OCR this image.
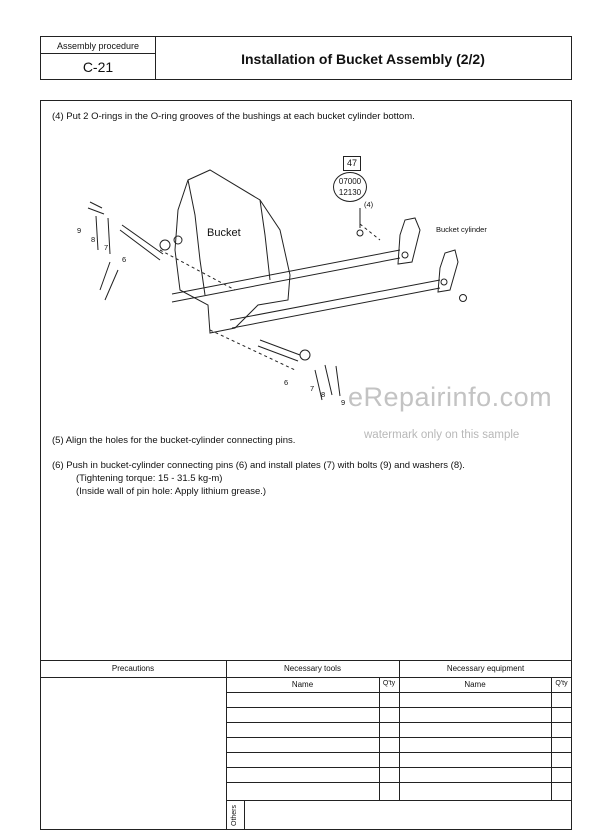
Assembly procedure
C-21	Installation of Bucket Assembly (2/2)
(4) Put 2 O-rings in the O-ring grooves of the bushings at each bucket cylinder bottom.
Bucket	Bucket cylinder
47
07000
12130
(4)
9
8
7
6
6
7
8
9 eRepairinfo.com
watermark only on this sample
(5) Align the holes for the bucket-cylinder connecting pins.
(6) Push in bucket-cylinder connecting pins (6) and install plates (7) with bolts (9) and washers (8).
(Tightening torque: 15 - 31.5 kg-m)
(Inside wall of pin hole: Apply lithium grease.)
Precautions	Necessary tools	Necessary equipment
Name	Q'ty	Name	Q'ty
Others
